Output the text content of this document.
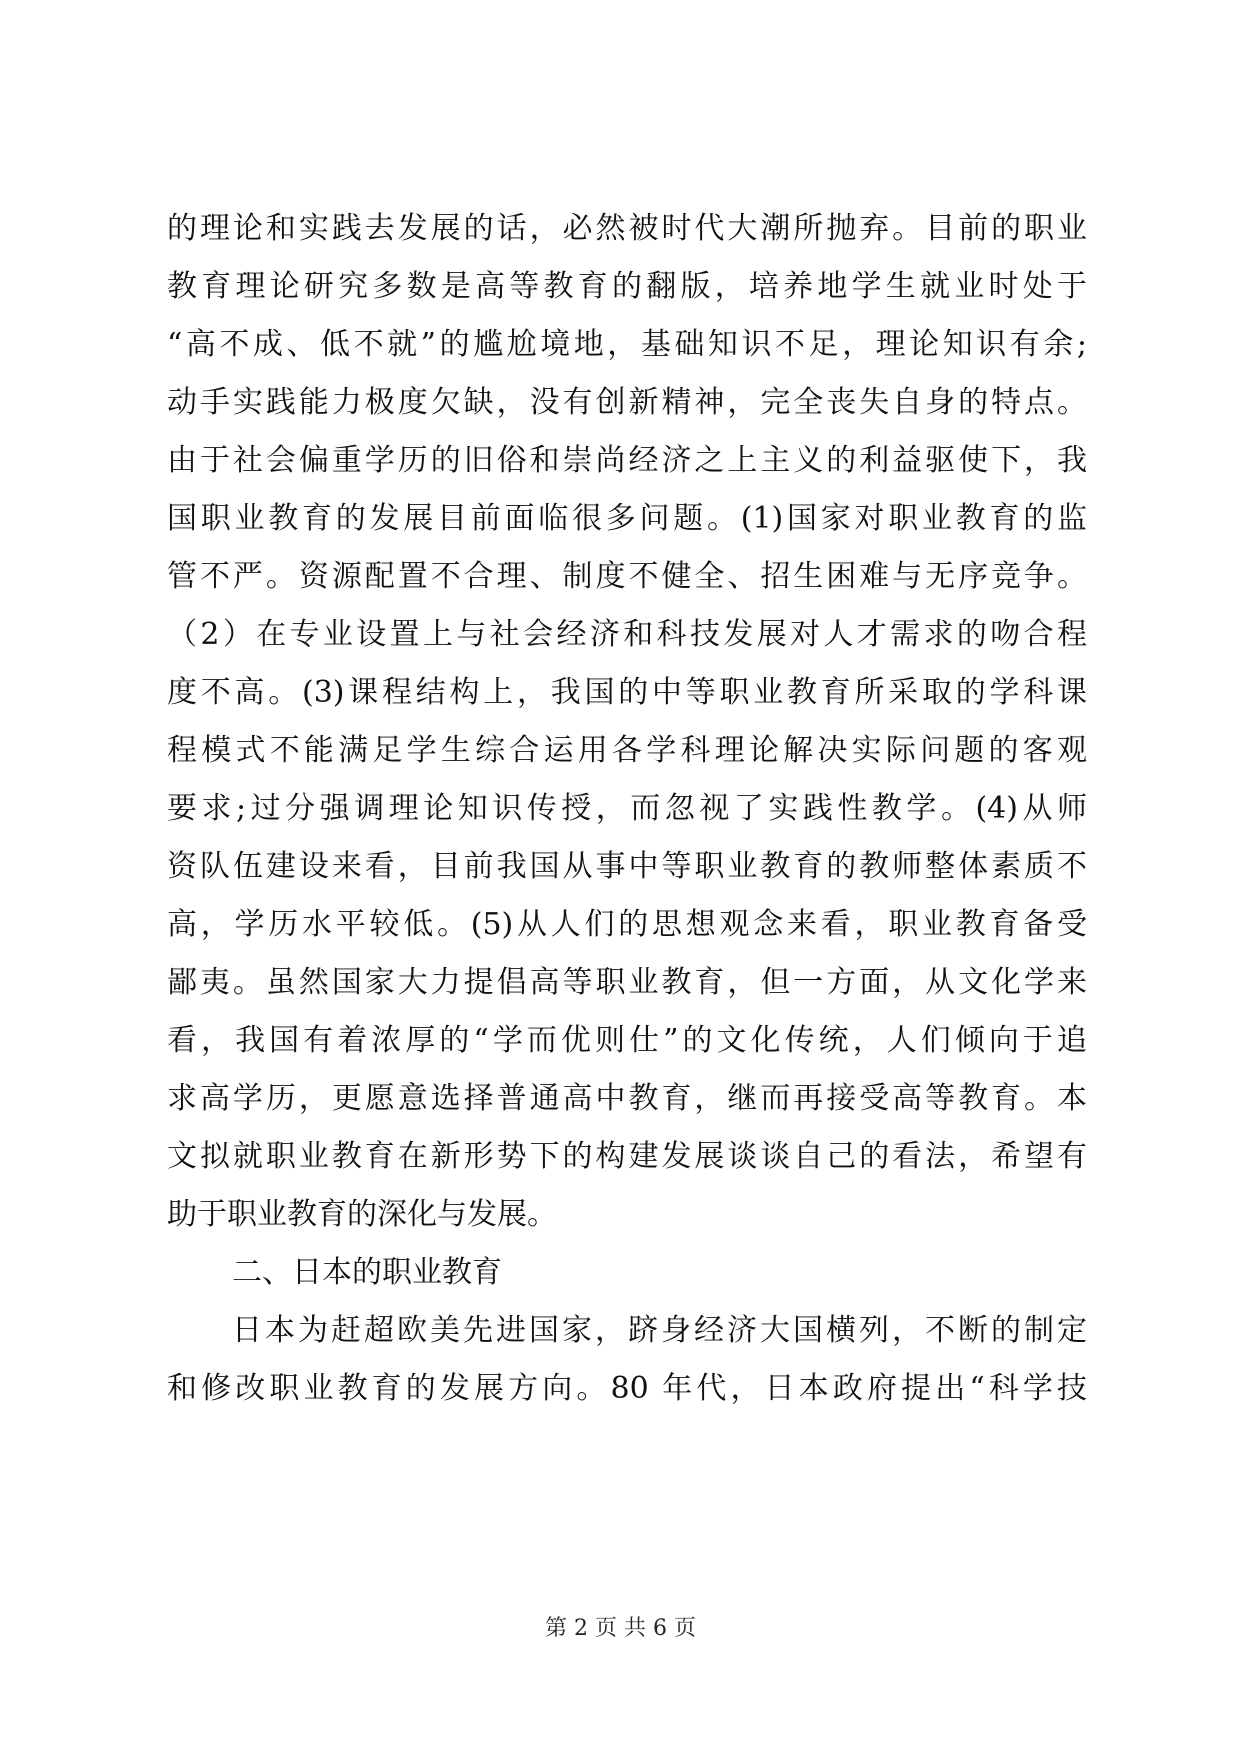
的理论和实践去发展的话，必然被时代大潮所抛弃。目前的职业
教育理论研究多数是高等教育的翻版，培养地学生就业时处于
“高不成、低不就”的尴尬境地，基础知识不足，理论知识有余;
动手实践能力极度欠缺，没有创新精神，完全丧失自身的特点。
由于社会偏重学历的旧俗和崇尚经济之上主义的利益驱使下，我
国职业教育的发展目前面临很多问题。(1)国家对职业教育的监
管不严。资源配置不合理、制度不健全、招生困难与无序竞争。
（2）在专业设置上与社会经济和科技发展对人才需求的吻合程
度不高。(3)课程结构上，我国的中等职业教育所采取的学科课
程模式不能满足学生综合运用各学科理论解决实际问题的客观
要求;过分强调理论知识传授，而忽视了实践性教学。(4)从师
资队伍建设来看，目前我国从事中等职业教育的教师整体素质不
高，学历水平较低。(5)从人们的思想观念来看，职业教育备受
鄙夷。虽然国家大力提倡高等职业教育，但一方面，从文化学来
看，我国有着浓厚的“学而优则仕”的文化传统，人们倾向于追
求高学历，更愿意选择普通高中教育，继而再接受高等教育。本
文拟就职业教育在新形势下的构建发展谈谈自己的看法，希望有
助于职业教育的深化与发展。
二、日本的职业教育
日本为赶超欧美先进国家，跻身经济大国横列，不断的制定
和修改职业教育的发展方向。80 年代，日本政府提出“科学技
第 2 页 共 6 页
